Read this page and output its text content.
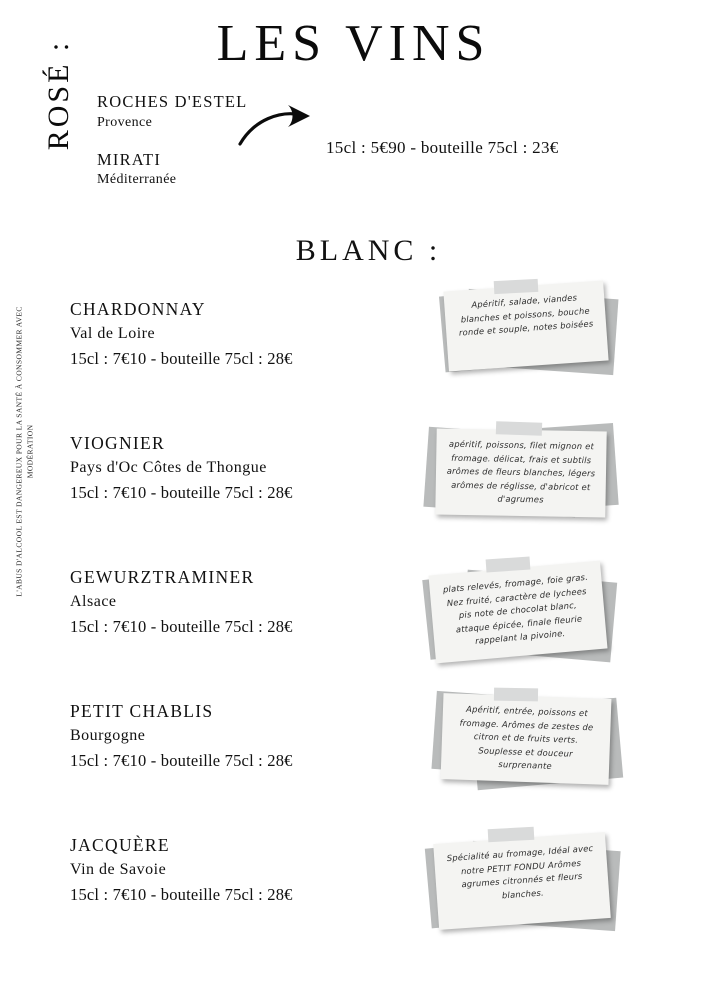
LES VINS
ROSÉ : ROCHES D'ESTEL
Provence
MIRATI
Méditerranée
15cl : 5€90 - bouteille 75cl : 23€
BLANC :
L'ABUS D'ALCOOL EST DANGEREUX POUR LA SANTÉ À CONSOMMER AVEC MODÉRATION
CHARDONNAY
Val de Loire
15cl : 7€10 - bouteille 75cl : 28€
Apéritif, salade, viandes blanches et poissons, bouche ronde et souple, notes boisées
VIOGNIER
Pays d'Oc Côtes de Thongue
15cl : 7€10 - bouteille 75cl : 28€
apéritif, poissons, filet mignon et fromage. délicat, frais et subtils arômes de fleurs blanches, légers arômes de réglisse, d'abricot et d'agrumes
GEWURZTRAMINER
Alsace
15cl : 7€10 - bouteille 75cl : 28€
plats relevés, fromage, foie gras. Nez fruité, caractère de lychees pis note de chocolat blanc, attaque épicée, finale fleurie rappelant la pivoine.
PETIT CHABLIS
Bourgogne
15cl : 7€10 - bouteille 75cl : 28€
Apéritif, entrée, poissons et fromage. Arômes de zestes de citron et de fruits verts. Souplesse et douceur surprenante
JACQUÈRE
Vin de Savoie
15cl : 7€10 - bouteille 75cl : 28€
Spécialité au fromage, Idéal avec notre PETIT FONDU Arômes agrumes citronnés et fleurs blanches.
